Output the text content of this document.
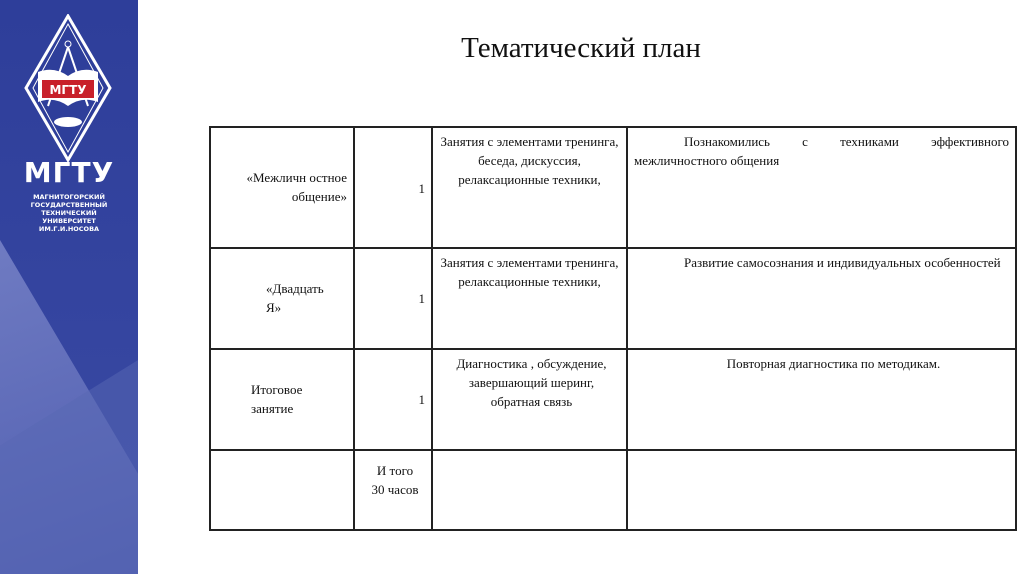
МГТУ
МГТУ
МАГНИТОГОРСКИЙ
ГОСУДАРСТВЕННЫЙ
ТЕХНИЧЕСКИЙ
УНИВЕРСИТЕТ
ИМ.Г.И.НОСОВА
Тематический план
«Межличн остное общение»
1
Занятия с элементами тренинга, беседа, дискуссия, релаксационные техники,
Познакомились с техниками эффективного межличностного общения
«Двадцать Я»
1
Занятия с элементами тренинга, релаксационные техники,
Развитие самосознания и индивидуальных особенностей
Итоговое занятие
1
Диагностика , обсуждение, завершающий шеринг, обратная связь
Повторная диагностика по методикам.
И того 30 часов
